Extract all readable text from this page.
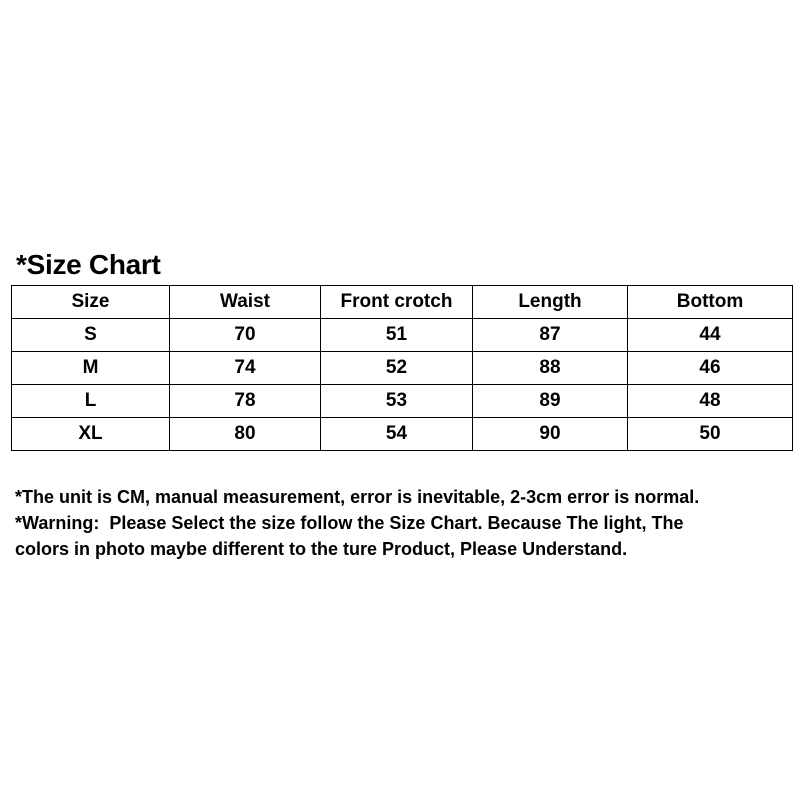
*Size Chart
Size	Waist	Front crotch	Length	Bottom
S	70	51	87	44
M	74	52	88	46
L	78	53	89	48
XL	80	54	90	50
*The unit is CM, manual measurement, error is inevitable, 2-3cm error is normal.
*Warning:  Please Select the size follow the Size Chart. Because The light, The
colors in photo maybe different to the ture Product, Please Understand.
